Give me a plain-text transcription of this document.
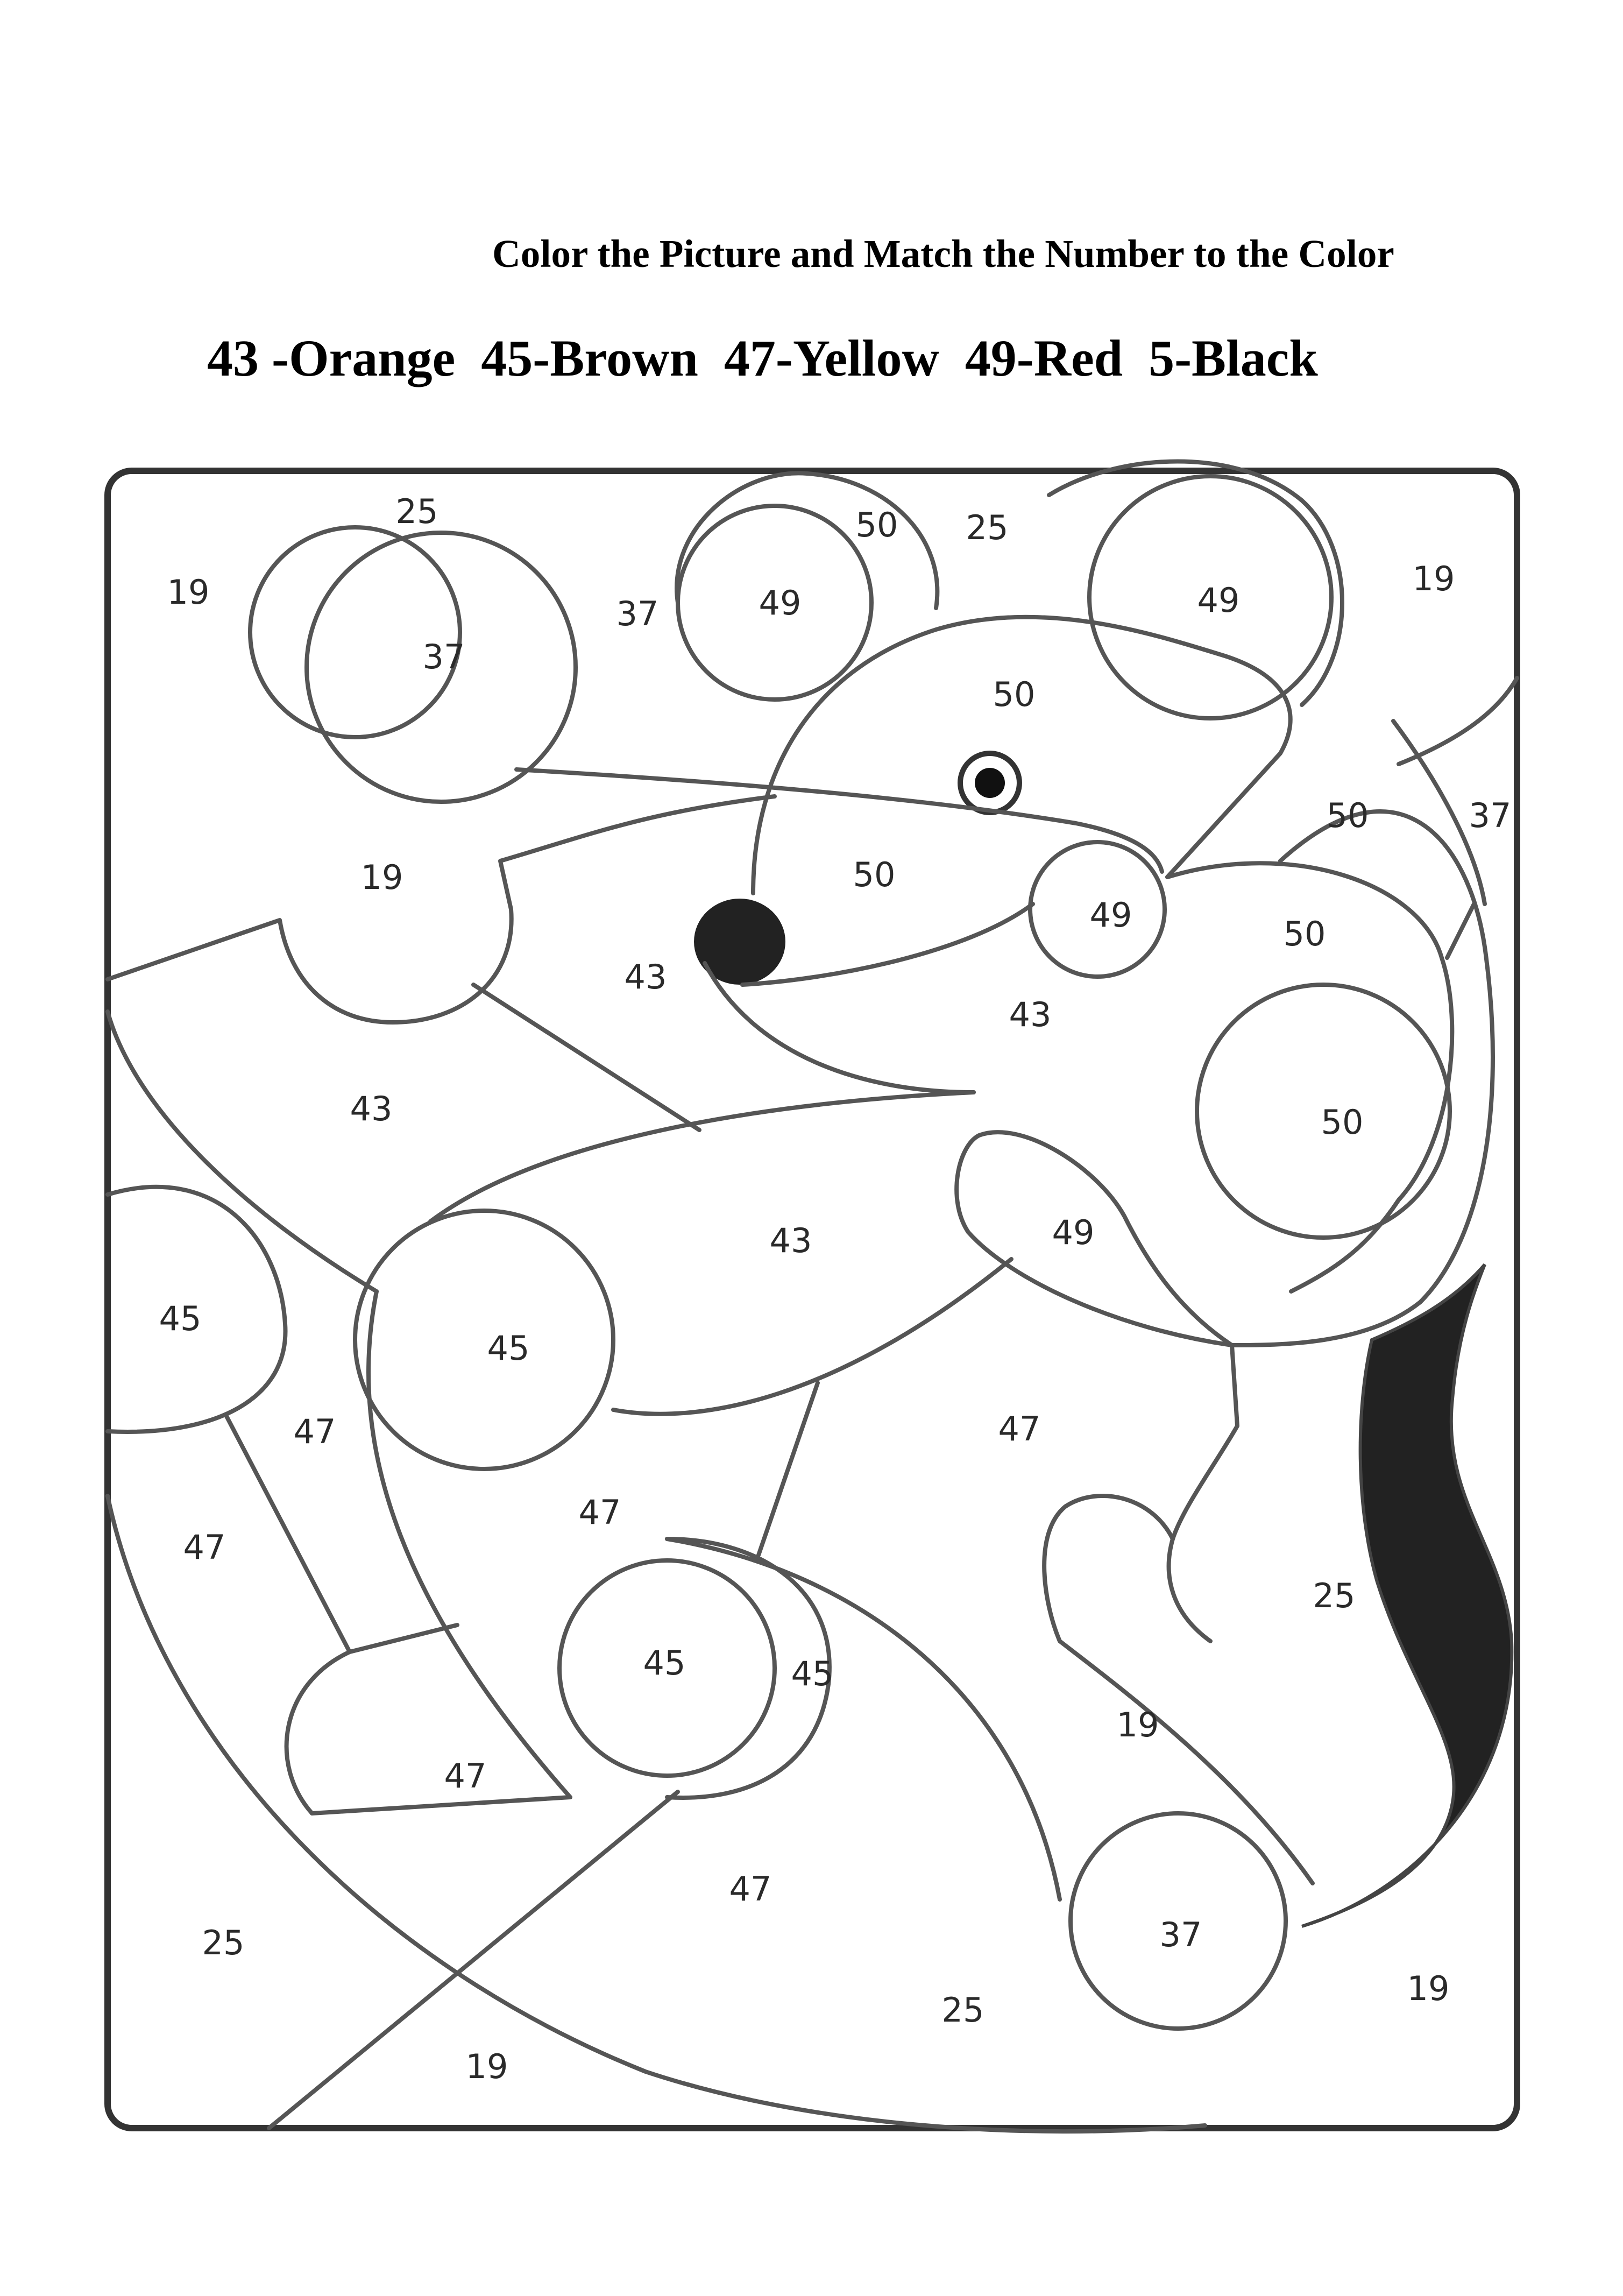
Color the Picture and Match the Number to the Color
43 -Orange 45-Brown 47-Yellow 49-Red 5-Black
25
19
37
49
50 25
49
19
50
37
19	50
49
50
43
43
43
50
43	49
50
45
45
47	47
37
47
45	45
47
25
19
47
37
25
25
19
19
47
